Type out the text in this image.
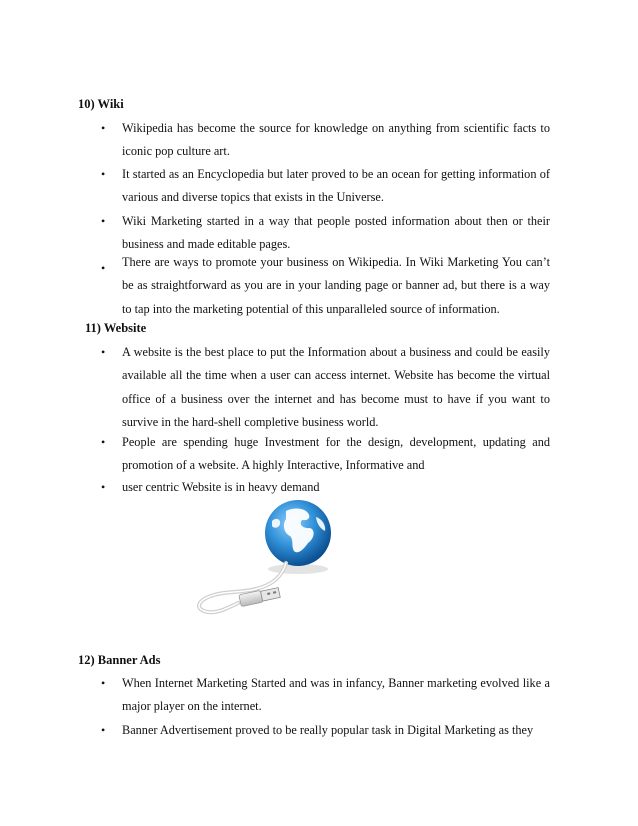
10) Wiki
• Wikipedia has become the source for knowledge on anything from scientific facts to iconic pop culture art.
• It started as an Encyclopedia but later proved to be an ocean for getting information of various and diverse topics that exists in the Universe.
• Wiki Marketing started in a way that people posted information about then or their business and made editable pages.
• There are ways to promote your business on Wikipedia. In Wiki Marketing You can’t be as straightforward as you are in your landing page or banner ad, but there is a way to tap into the marketing potential of this unparalleled source of information.
11) Website
• A website is the best place to put the Information about a business and could be easily available all the time when a user can access internet. Website has become the virtual office of a business over the internet and has become must to have if you want to survive in the hard-shell completive business world.
• People are spending huge Investment for the design, development, updating and promotion of a website. A highly Interactive, Informative and
• user centric Website is in heavy demand
12) Banner Ads
• When Internet Marketing Started and was in infancy, Banner marketing evolved like a major player on the internet.
• Banner Advertisement proved to be really popular task in Digital Marketing as they
